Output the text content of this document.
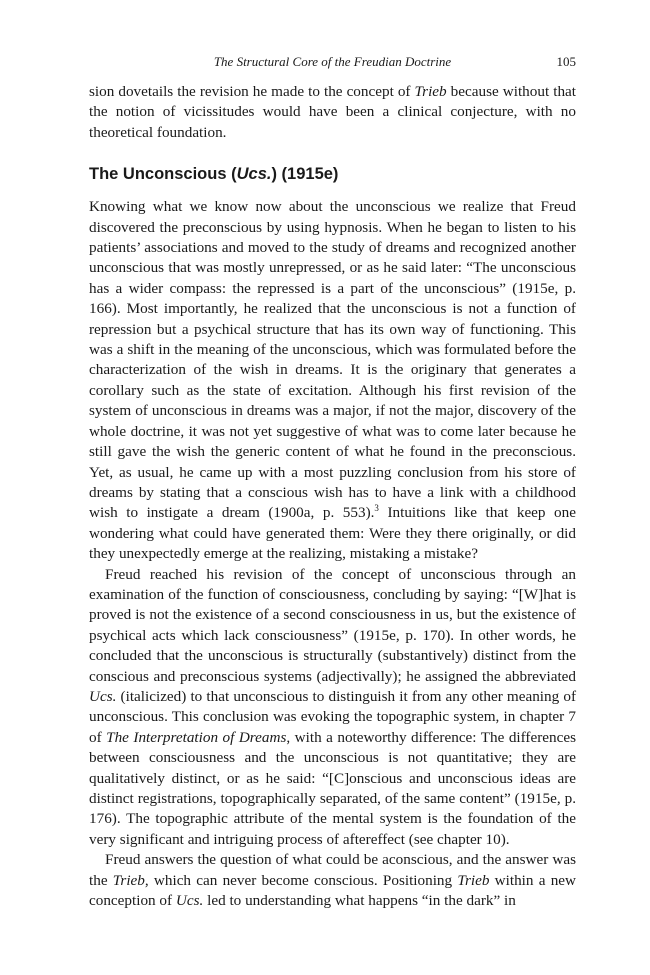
The Structural Core of the Freudian Doctrine	105

sion dovetails the revision he made to the concept of Trieb because without that the notion of vicissitudes would have been a clinical conjecture, with no theoretical foundation.

The Unconscious (Ucs.) (1915e)

Knowing what we know now about the unconscious we realize that Freud discovered the preconscious by using hypnosis. When he began to listen to his patients’ associations and moved to the study of dreams and recognized another unconscious that was mostly unrepressed, or as he said later: “The unconscious has a wider compass: the repressed is a part of the unconscious” (1915e, p. 166). Most importantly, he realized that the unconscious is not a function of repression but a psychical structure that has its own way of functioning. This was a shift in the meaning of the unconscious, which was formulated before the characterization of the wish in dreams. It is the originary that generates a corollary such as the state of excitation. Although his first revision of the system of unconscious in dreams was a major, if not the major, discovery of the whole doctrine, it was not yet suggestive of what was to come later because he still gave the wish the generic content of what he found in the preconscious. Yet, as usual, he came up with a most puzzling conclusion from his store of dreams by stating that a conscious wish has to have a link with a childhood wish to instigate a dream (1900a, p. 553).$^3$ Intuitions like that keep one wondering what could have generated them: Were they there originally, or did they unexpectedly emerge at the realizing, mistaking a mistake?

Freud reached his revision of the concept of unconscious through an examination of the function of consciousness, concluding by saying: “[W]hat is proved is not the existence of a second consciousness in us, but the existence of psychical acts which lack consciousness” (1915e, p. 170). In other words, he concluded that the unconscious is structurally (substantively) distinct from the conscious and preconscious systems (adjectivally); he assigned the abbreviated Ucs. (italicized) to that unconscious to distinguish it from any other meaning of unconscious. This conclusion was evoking the topographic system, in chapter 7 of The Interpretation of Dreams, with a noteworthy difference: The differences between consciousness and the unconscious is not quantitative; they are qualitatively distinct, or as he said: “[C]onscious and unconscious ideas are distinct registrations, topographically separated, of the same content” (1915e, p. 176). The topographic attribute of the mental system is the foundation of the very significant and intriguing process of aftereffect (see chapter 10).

Freud answers the question of what could be aconscious, and the answer was the Trieb, which can never become conscious. Positioning Trieb within a new conception of Ucs. led to understanding what happens “in the dark” in
